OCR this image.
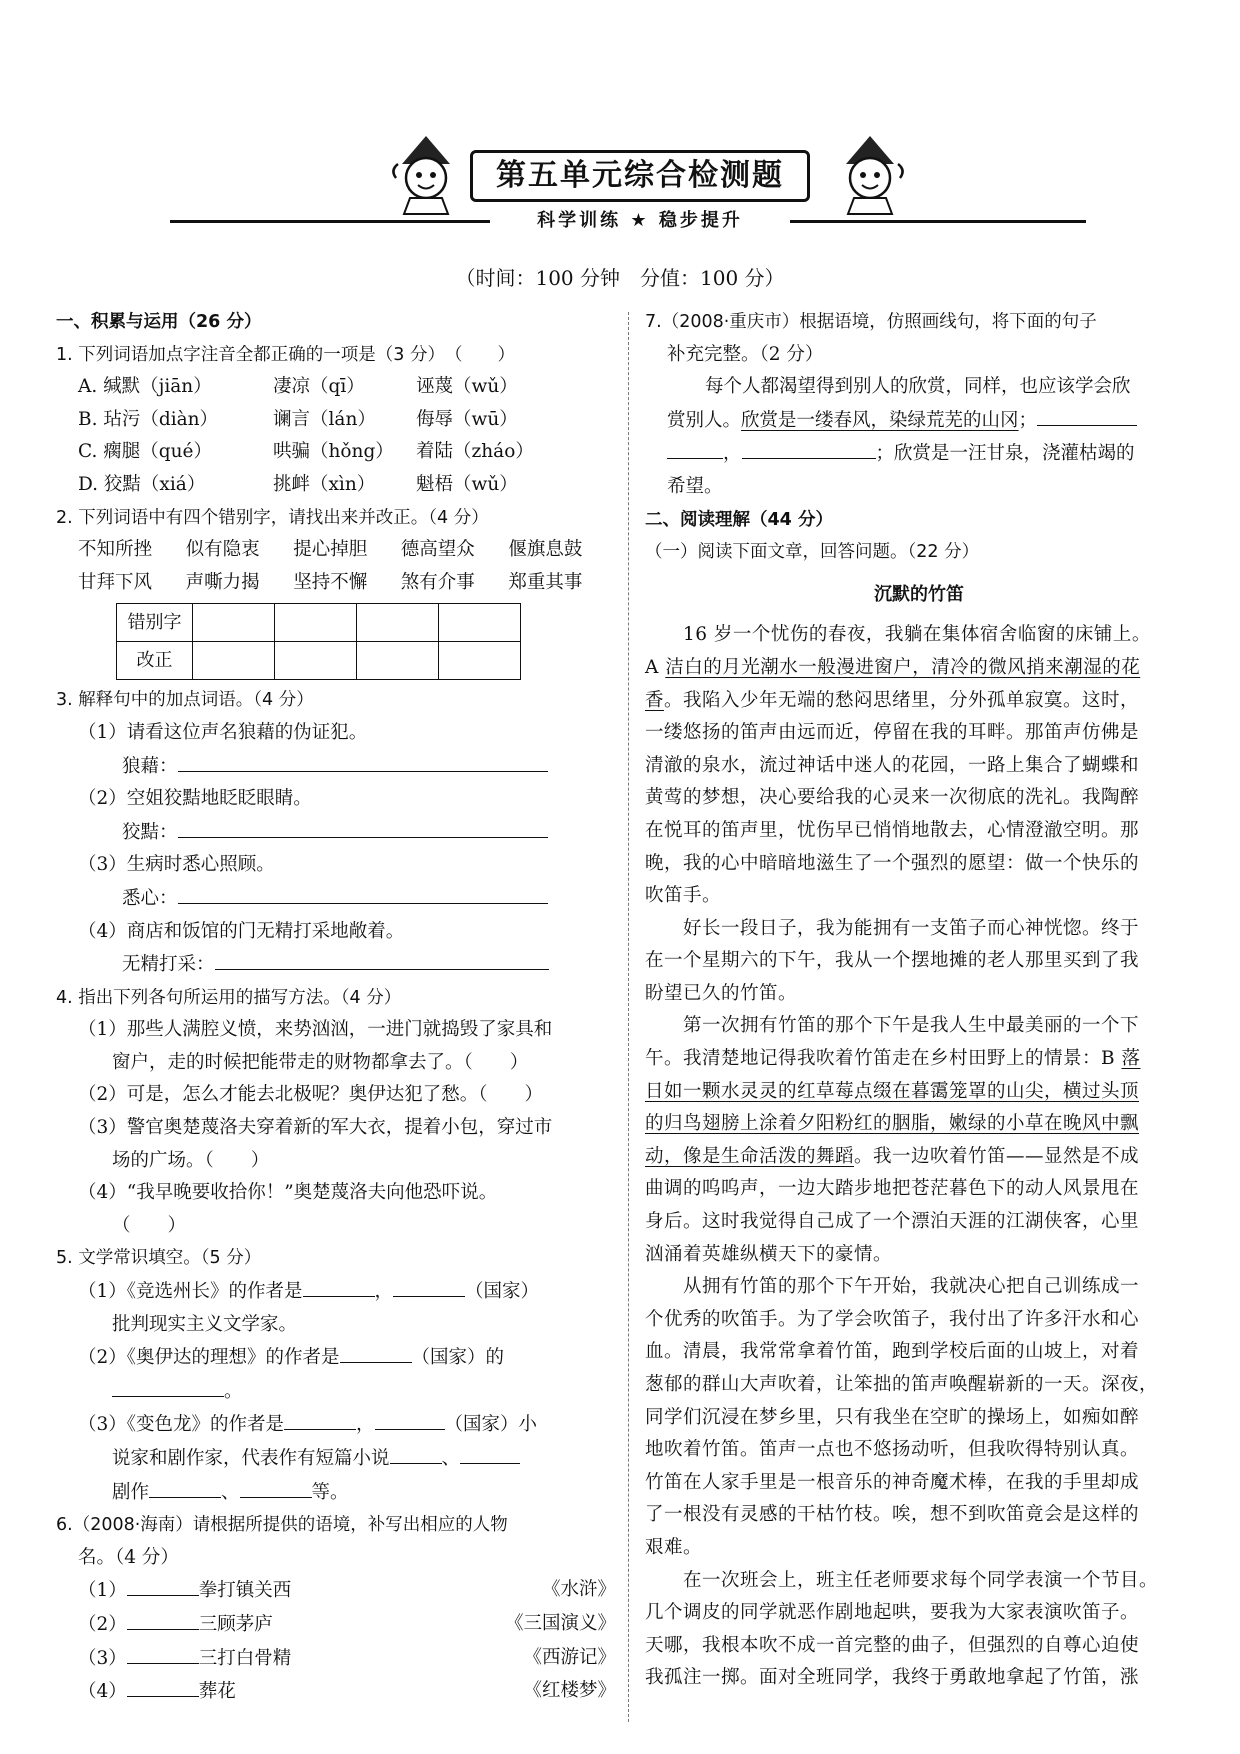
第五单元综合检测题
科学训练 ★ 稳步提升
（时间：100 分钟　分值：100 分）
一、积累与运用（26 分）
1. 下列词语加点字注音全都正确的一项是（3 分）　（　　）
A. 缄默（jiān）	凄凉（qī）	诬蔑（wǔ）
B. 玷污（diàn）	谰言（lán）	侮辱（wū）
C. 瘸腿（qué）	哄骗（hǒng）	着陆（zháo）
D. 狡黠（xiá）	挑衅（xìn）	魁梧（wǔ）
2. 下列词语中有四个错别字，请找出来并改正。（4 分）
不知所挫	似有隐衷	提心掉胆	德高望众	偃旗息鼓
甘拜下风	声嘶力揭	坚持不懈	煞有介事	郑重其事
错别字				
改正				
3. 解释句中的加点词语。（4 分）
（1）请看这位声名狼藉的伪证犯。
狼藉：
（2）空姐狡黠地眨眨眼睛。
狡黠：
（3）生病时悉心照顾。
悉心：
（4）商店和饭馆的门无精打采地敞着。
无精打采：
4. 指出下列各句所运用的描写方法。（4 分）
（1）那些人满腔义愤，来势汹汹，一进门就捣毁了家具和
窗户，走的时候把能带走的财物都拿去了。（　　）
（2）可是，怎么才能去北极呢？奥伊达犯了愁。（　　）
（3）警官奥楚蔑洛夫穿着新的军大衣，提着小包，穿过市
场的广场。（　　）
（4）“我早晚要收拾你！”奥楚蔑洛夫向他恐吓说。
（　　）
5. 文学常识填空。（5 分）
（1）《竞选州长》的作者是	，	（国家）
批判现实主义文学家。
（2）《奥伊达的理想》的作者是	（国家）的
。
（3）《变色龙》的作者是	，	（国家）小
说家和剧作家，代表作有短篇小说	、
剧作	、	等。
6.（2008·海南）请根据所提供的语境，补写出相应的人物
名。（4 分）
（1）	拳打镇关西	《水浒》
（2）	三顾茅庐	《三国演义》
（3）	三打白骨精	《西游记》
（4）	葬花	《红楼梦》
7.（2008·重庆市）根据语境，仿照画线句，将下面的句子
补充完整。（2 分）
每个人都渴望得到别人的欣赏，同样，也应该学会欣
赏别人。欣赏是一缕春风，染绿荒芜的山冈；
，	；欣赏是一汪甘泉，浇灌枯竭的
希望。
二、阅读理解（44 分）
（一）阅读下面文章，回答问题。（22 分）
沉默的竹笛
　　16 岁一个忧伤的春夜，我躺在集体宿舍临窗的床铺上。
A 洁白的月光潮水一般漫进窗户，清冷的微风捎来潮湿的花
香。我陷入少年无端的愁闷思绪里，分外孤单寂寞。这时，
一缕悠扬的笛声由远而近，停留在我的耳畔。那笛声仿佛是
清澈的泉水，流过神话中迷人的花园，一路上集合了蝴蝶和
黄莺的梦想，决心要给我的心灵来一次彻底的洗礼。我陶醉
在悦耳的笛声里，忧伤早已悄悄地散去，心情澄澈空明。那
晚，我的心中暗暗地滋生了一个强烈的愿望：做一个快乐的
吹笛手。
　　好长一段日子，我为能拥有一支笛子而心神恍惚。终于
在一个星期六的下午，我从一个摆地摊的老人那里买到了我
盼望已久的竹笛。
　　第一次拥有竹笛的那个下午是我人生中最美丽的一个下
午。我清楚地记得我吹着竹笛走在乡村田野上的情景：B 落
日如一颗水灵灵的红草莓点缀在暮霭笼罩的山尖，横过头顶
的归鸟翅膀上涂着夕阳粉红的胭脂，嫩绿的小草在晚风中飘
动，像是生命活泼的舞蹈。我一边吹着竹笛——显然是不成
曲调的呜呜声，一边大踏步地把苍茫暮色下的动人风景甩在
身后。这时我觉得自己成了一个漂泊天涯的江湖侠客，心里
汹涌着英雄纵横天下的豪情。
　　从拥有竹笛的那个下午开始，我就决心把自己训练成一
个优秀的吹笛手。为了学会吹笛子，我付出了许多汗水和心
血。清晨，我常常拿着竹笛，跑到学校后面的山坡上，对着
葱郁的群山大声吹着，让笨拙的笛声唤醒崭新的一天。深夜，
同学们沉浸在梦乡里，只有我坐在空旷的操场上，如痴如醉
地吹着竹笛。笛声一点也不悠扬动听，但我吹得特别认真。
竹笛在人家手里是一根音乐的神奇魔术棒，在我的手里却成
了一根没有灵感的干枯竹枝。唉，想不到吹笛竟会是这样的
艰难。
　　在一次班会上，班主任老师要求每个同学表演一个节目。
几个调皮的同学就恶作剧地起哄，要我为大家表演吹笛子。
天哪，我根本吹不成一首完整的曲子，但强烈的自尊心迫使
我孤注一掷。面对全班同学，我终于勇敢地拿起了竹笛，涨
